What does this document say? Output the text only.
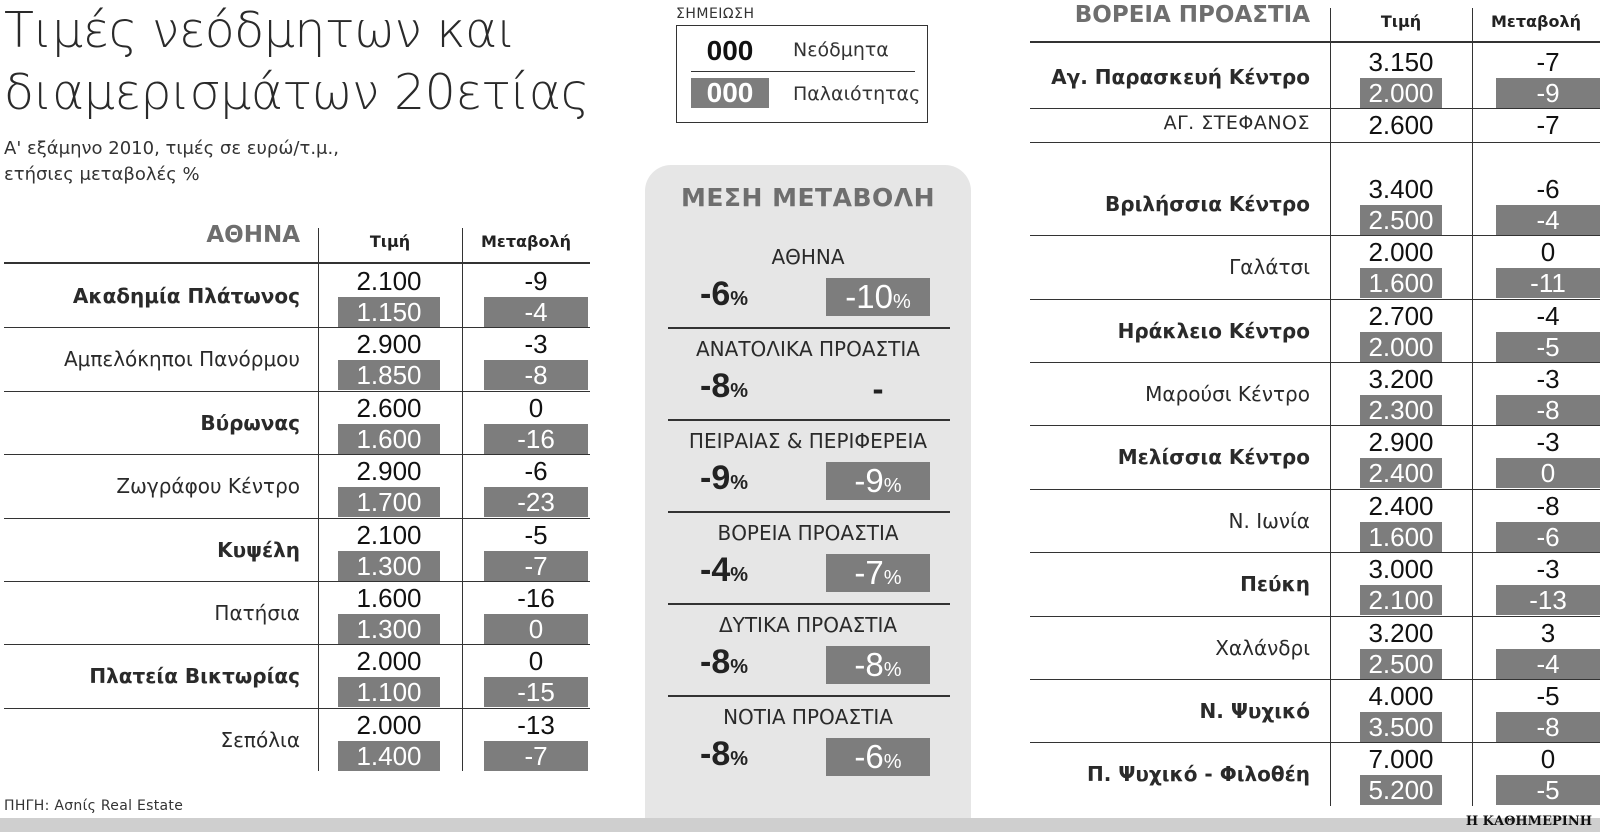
Τιμές νεόδμητων και
διαμερισμάτων 20ετίας
Α' εξάμηνο 2010, τιμές σε ευρώ/τ.μ.,
ετήσιες μεταβολές %
ΣΗΜΕΙΩΣΗ
000	Νεόδμητα
000	Παλαιότητας
ΜΕΣΗ ΜΕΤΑΒΟΛΗ
ΑΘΗΝΑ
-6%	-10%
ΑΝΑΤΟΛΙΚΑ ΠΡΟΑΣΤΙΑ
-8%	-
ΠΕΙΡΑΙΑΣ & ΠΕΡΙΦΕΡΕΙΑ
-9%	-9%
ΒΟΡΕΙΑ ΠΡΟΑΣΤΙΑ
-4%	-7%
ΔΥΤΙΚΑ ΠΡΟΑΣΤΙΑ
-8%	-8%
ΝΟΤΙΑ ΠΡΟΑΣΤΙΑ
-8%	-6%
ΑΘΗΝΑ	Τιμή	Μεταβολή
Ακαδημία Πλάτωνος	2.100	-9
1.150	-4
Αμπελόκηποι Πανόρμου	2.900	-3
1.850	-8
Βύρωνας	2.600	0
1.600	-16
Ζωγράφου Κέντρο	2.900	-6
1.700	-23
Κυψέλη	2.100	-5
1.300	-7
Πατήσια	1.600	-16
1.300	0
Πλατεία Βικτωρίας	2.000	0
1.100	-15
Σεπόλια	2.000	-13
1.400	-7
ΒΟΡΕΙΑ ΠΡΟΑΣΤΙΑ	Τιμή	Μεταβολή
Αγ. Παρασκευή Κέντρο	3.150	-7
2.000	-9
ΑΓ. ΣΤΕΦΑΝΟΣ	2.600	-7
Βριλήσσια Κέντρο	3.400	-6
2.500	-4
Γαλάτσι	2.000	0
1.600	-11
Ηράκλειο Κέντρο	2.700	-4
2.000	-5
Μαρούσι Κέντρο	3.200	-3
2.300	-8
Μελίσσια Κέντρο	2.900	-3
2.400	0
Ν. Ιωνία	2.400	-8
1.600	-6
Πεύκη	3.000	-3
2.100	-13
Χαλάνδρι	3.200	3
2.500	-4
Ν. Ψυχικό	4.000	-5
3.500	-8
Π. Ψυχικό - Φιλοθέη	7.000	0
5.200	-5
ΠΗΓΗ: Aσnίς Real Estate
Η ΚΑΘΗΜΕΡΙΝΗ
